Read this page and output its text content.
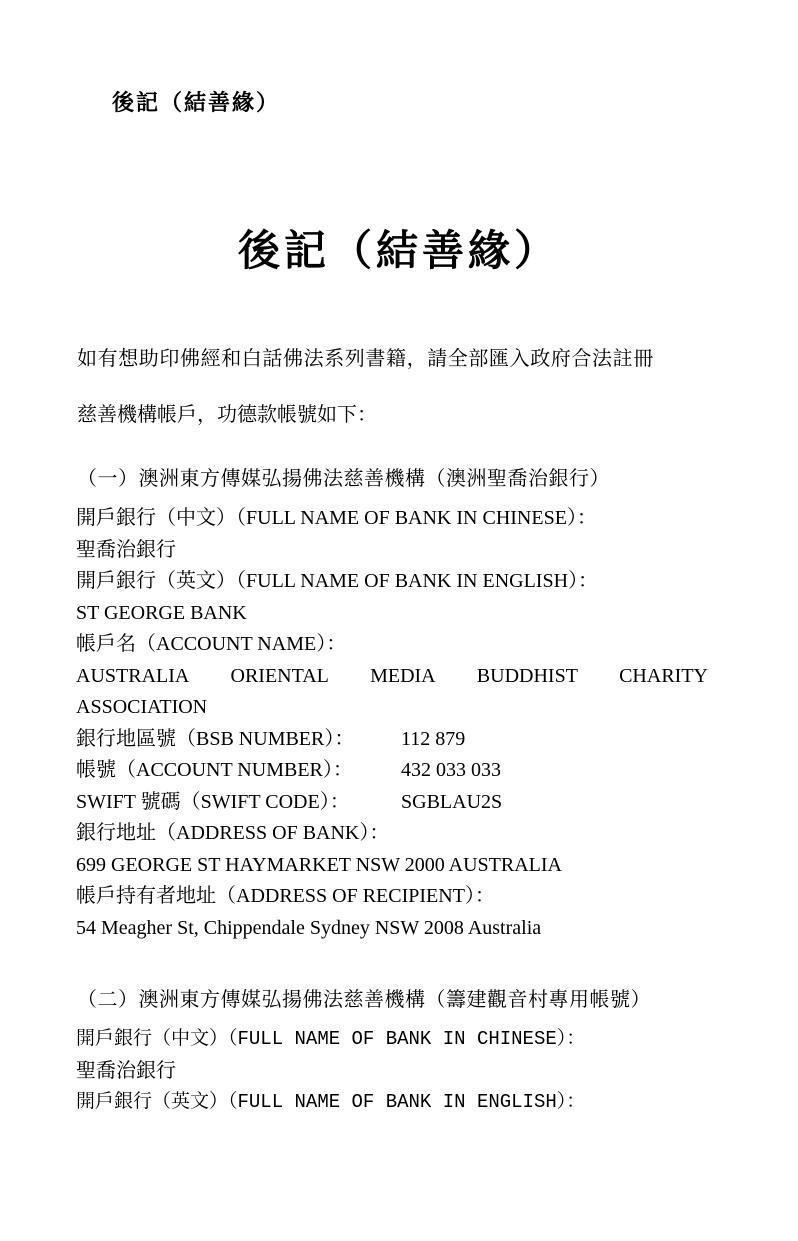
後記（結善緣）
後記（結善緣）
如有想助印佛經和白話佛法系列書籍，請全部匯入政府合法註冊
慈善機構帳戶，功德款帳號如下：
（一）澳洲東方傳媒弘揚佛法慈善機構（澳洲聖喬治銀行）
開戶銀行（中文）（FULL NAME OF BANK IN CHINESE）：
聖喬治銀行
開戶銀行（英文）（FULL NAME OF BANK IN ENGLISH）：
ST GEORGE BANK
帳戶名（ACCOUNT NAME）：
AUSTRALIA ORIENTAL MEDIA BUDDHIST CHARITY
ASSOCIATION
銀行地區號（BSB NUMBER）：	112 879
帳號（ACCOUNT NUMBER）：	432 033 033
SWIFT 號碼（SWIFT CODE）：	SGBLAU2S
銀行地址（ADDRESS OF BANK）：
699 GEORGE ST HAYMARKET NSW 2000 AUSTRALIA
帳戶持有者地址（ADDRESS OF RECIPIENT）：
54 Meagher St, Chippendale Sydney NSW 2008 Australia
（二）澳洲東方傳媒弘揚佛法慈善機構（籌建觀音村專用帳號）
開戶銀行（中文）（FULL NAME OF BANK IN CHINESE）：
聖喬治銀行
開戶銀行（英文）（FULL NAME OF BANK IN ENGLISH）：
